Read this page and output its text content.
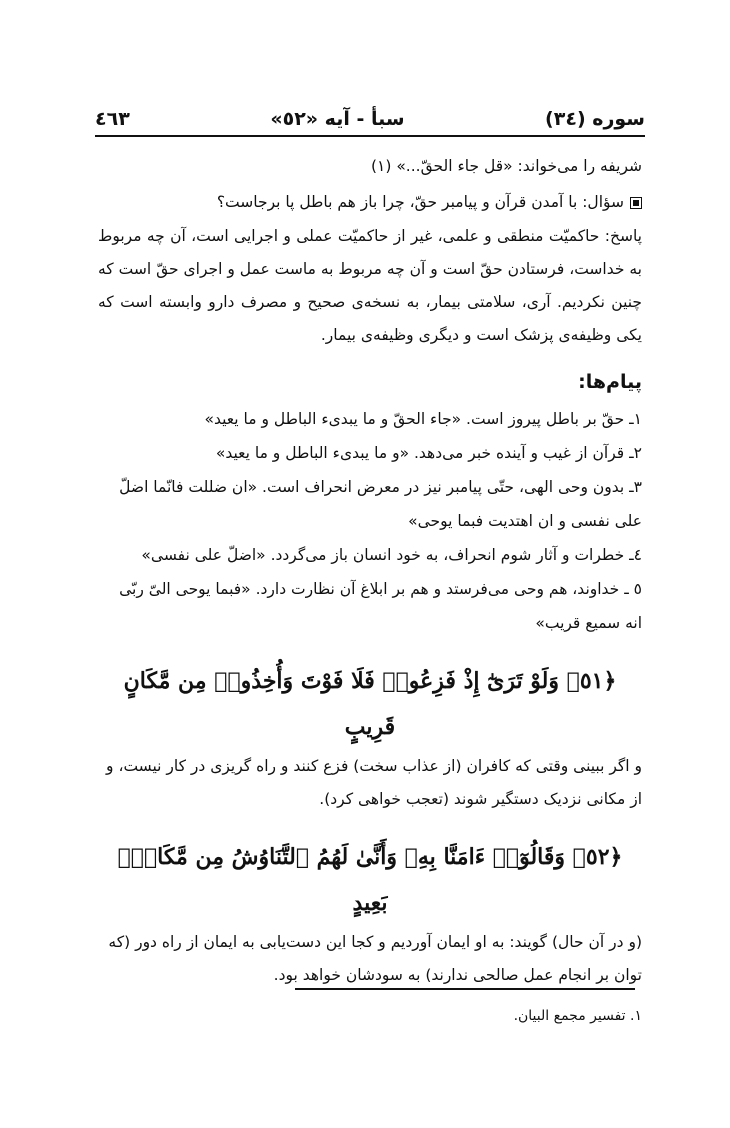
سوره (٣٤)
سبأ - آيه «٥٢»
٤٦٣
شريفه را مى‌خواند: «قل جاء الحقّ...» (١)
سؤال: با آمدن قرآن و پيامبر حقّ، چرا باز هم باطل پا برجاست؟

پاسخ: حاكميّت منطقى و علمى، غير از حاكميّت عملى و اجرايى است، آن چه مربوط به خداست، فرستادن حقّ است و آن چه مربوط به ماست عمل و اجراى حقّ است كه چنين نكرديم. آرى، سلامتى بيمار، به نسخه‌ى صحيح و مصرف دارو وابسته است كه يكى وظيفه‌ى پزشک است و ديگرى وظيفه‌ى بيمار.

پيام‌ها:
١ـ حقّ بر باطل پيروز است. «جاء الحقّ و ما يبدىء الباطل و ما يعيد»
٢ـ قرآن از غيب و آينده خبر مى‌دهد. «و ما يبدىء الباطل و ما يعيد»
٣ـ بدون وحى الهى، حتّى پيامبر نيز در معرض انحراف است. «ان ضللت فانّما اضلّ على نفسى و ان اهتديت فبما يوحى»
٤ـ خطرات و آثار شوم انحراف، به خود انسان باز مى‌گردد. «اضلّ على نفسى»
٥ ـ خداوند، هم وحى مى‌فرستد و هم بر ابلاغ آن نظارت دارد. «فبما يوحى الىّ ربّى انه سميع قريب»
﴿٥١﴾ وَلَوْ تَرَىٰٓ إِذْ فَزِعُوا۟ فَلَا فَوْتَ وَأُخِذُوا۟ مِن مَّكَانٍ قَرِيبٍ
و اگر ببينى وقتى كه كافران (از عذاب سخت) فزع كنند و راه گريزى در كار نيست، و از مكانى نزديک دستگير شوند (تعجب خواهى كرد).
﴿٥٢﴾ وَقَالُوٓا۟ ءَامَنَّا بِهِۦ وَأَنَّىٰ لَهُمُ ٱلتَّنَاوُشُ مِن مَّكَانٍۭ بَعِيدٍ
(و در آن حال) گويند: به او ايمان آورديم و كجا اين دست‌يابى به ايمان از راه دور (كه توان بر انجام عمل صالحى ندارند) به سودشان خواهد بود.
١. تفسير مجمع البيان.
